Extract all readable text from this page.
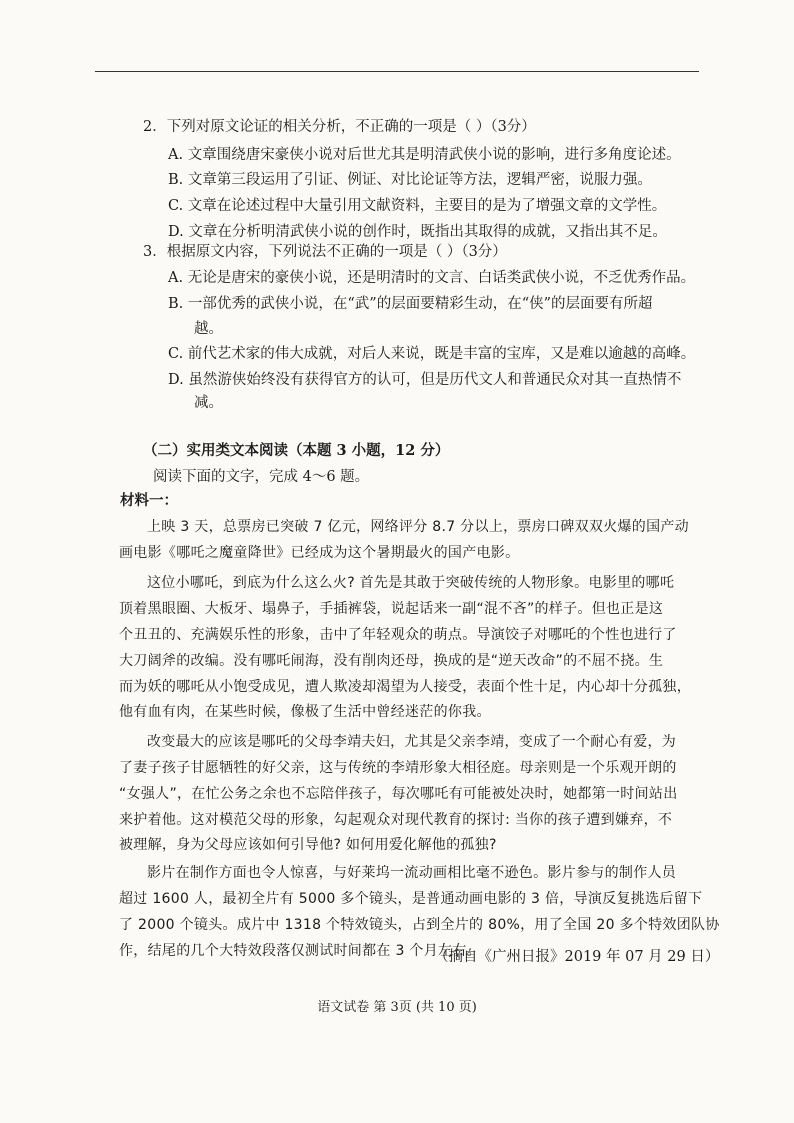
2．下列对原文论证的相关分析，不正确的一项是（ ）（3分）
A. 文章围绕唐宋豪侠小说对后世尤其是明清武侠小说的影响，进行多角度论述。
B. 文章第三段运用了引证、例证、对比论证等方法，逻辑严密，说服力强。
C. 文章在论述过程中大量引用文献资料，主要目的是为了增强文章的文学性。
D. 文章在分析明清武侠小说的创作时，既指出其取得的成就，又指出其不足。
3．根据原文内容，下列说法不正确的一项是（ ）（3分）
A. 无论是唐宋的豪侠小说，还是明清时的文言、白话类武侠小说，不乏优秀作品。
B. 一部优秀的武侠小说，在“武”的层面要精彩生动，在“侠”的层面要有所超
越。
C. 前代艺术家的伟大成就，对后人来说，既是丰富的宝库，又是难以逾越的高峰。
D. 虽然游侠始终没有获得官方的认可，但是历代文人和普通民众对其一直热情不
减。
（二）实用类文本阅读（本题 3 小题，12 分）
阅读下面的文字，完成 4～6 题。
材料一：
上映 3 天，总票房已突破 7 亿元，网络评分 8.7 分以上，票房口碑双双火爆的国产动
画电影《哪吒之魔童降世》已经成为这个暑期最火的国产电影。
这位小哪吒，到底为什么这么火? 首先是其敢于突破传统的人物形象。电影里的哪吒
顶着黑眼圈、大板牙、塌鼻子，手插裤袋，说起话来一副“混不吝”的样子。但也正是这
个丑丑的、充满娱乐性的形象，击中了年轻观众的萌点。导演饺子对哪吒的个性也进行了
大刀阔斧的改编。没有哪吒闹海，没有削肉还母，换成的是“逆天改命”的不屈不挠。生
而为妖的哪吒从小饱受成见，遭人欺凌却渴望为人接受，表面个性十足，内心却十分孤独，
他有血有肉，在某些时候，像极了生活中曾经迷茫的你我。
改变最大的应该是哪吒的父母李靖夫妇，尤其是父亲李靖，变成了一个耐心有爱，为
了妻子孩子甘愿牺牲的好父亲，这与传统的李靖形象大相径庭。母亲则是一个乐观开朗的
“女强人”，在忙公务之余也不忘陪伴孩子，每次哪吒有可能被处决时，她都第一时间站出
来护着他。这对模范父母的形象，勾起观众对现代教育的探讨: 当你的孩子遭到嫌弃，不
被理解，身为父母应该如何引导他? 如何用爱化解他的孤独?
影片在制作方面也令人惊喜，与好莱坞一流动画相比毫不逊色。影片参与的制作人员
超过 1600 人，最初全片有 5000 多个镜头，是普通动画电影的 3 倍，导演反复挑选后留下
了 2000 个镜头。成片中 1318 个特效镜头，占到全片的 80%，用了全国 20 多个特效团队协
作，结尾的几个大特效段落仅测试时间都在 3 个月左右。
（摘自《广州日报》2019 年 07 月 29 日）
语文试卷 第 3页 (共 10 页)
